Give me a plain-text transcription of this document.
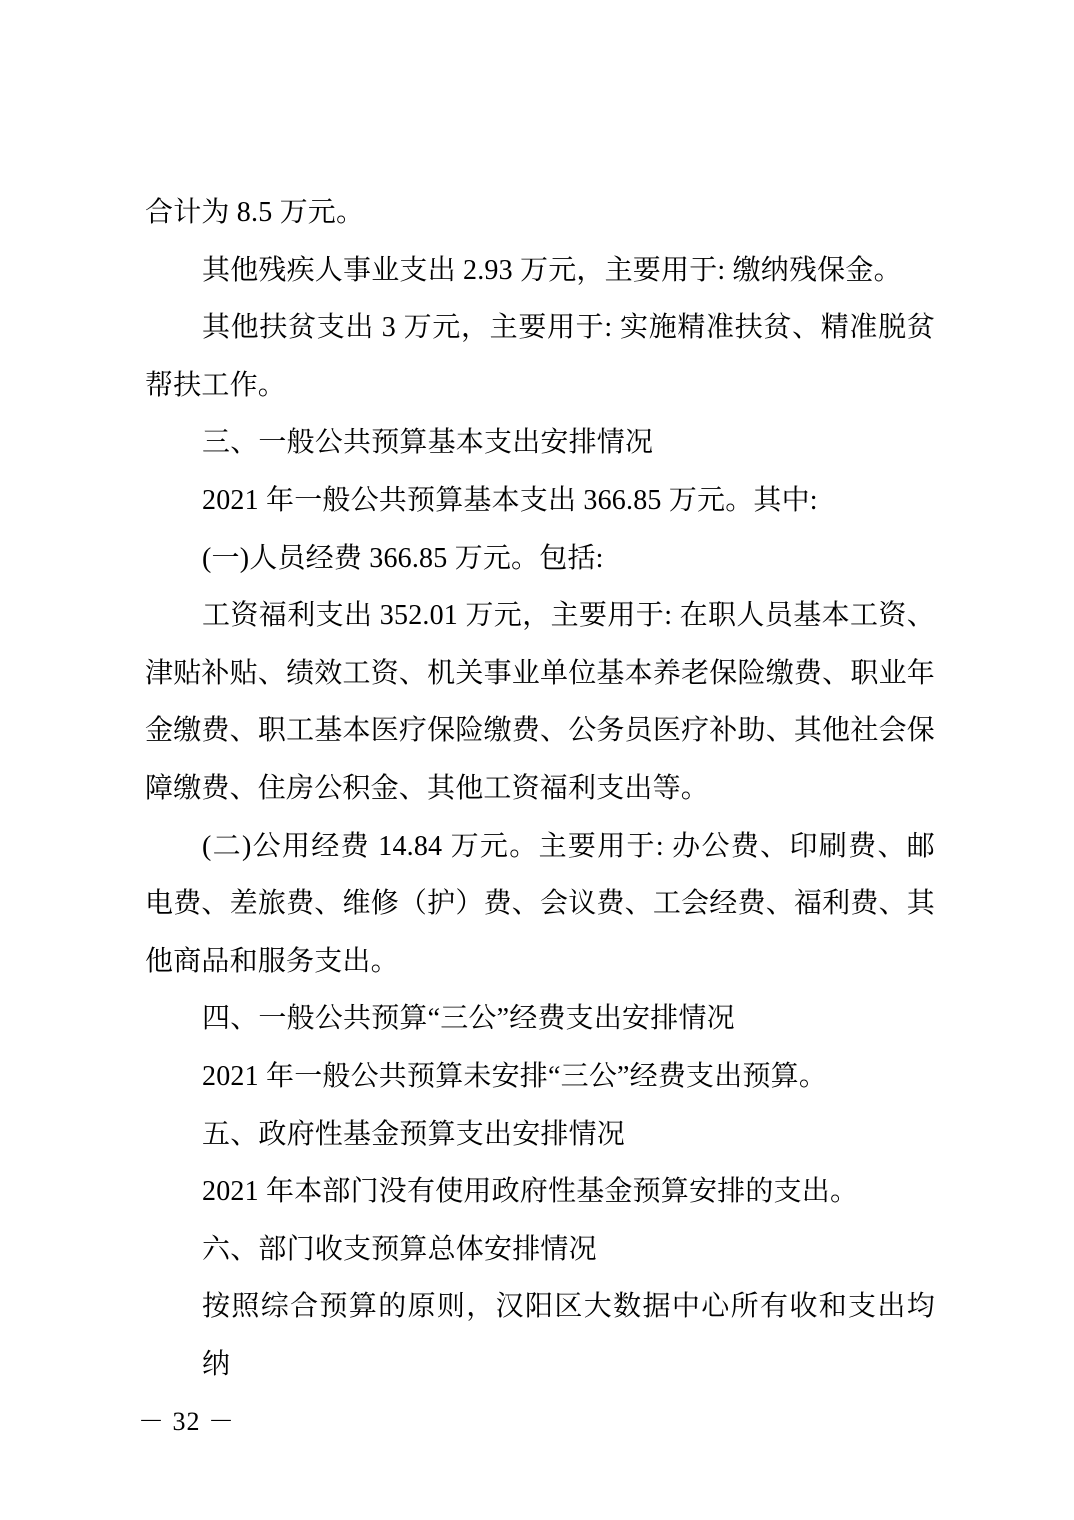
合计为 8.5 万元。
其他残疾人事业支出 2.93 万元，主要用于: 缴纳残保金。
其他扶贫支出 3 万元，主要用于: 实施精准扶贫、精准脱贫
帮扶工作。
三、一般公共预算基本支出安排情况
2021 年一般公共预算基本支出 366.85 万元。其中:
(一)人员经费 366.85 万元。包括:
工资福利支出 352.01 万元，主要用于: 在职人员基本工资、
津贴补贴、绩效工资、机关事业单位基本养老保险缴费、职业年
金缴费、职工基本医疗保险缴费、公务员医疗补助、其他社会保
障缴费、住房公积金、其他工资福利支出等。
(二)公用经费 14.84 万元。主要用于: 办公费、印刷费、邮
电费、差旅费、维修（护）费、会议费、工会经费、福利费、其
他商品和服务支出。
四、一般公共预算“三公”经费支出安排情况
2021 年一般公共预算未安排“三公”经费支出预算。
五、政府性基金预算支出安排情况
2021 年本部门没有使用政府性基金预算安排的支出。
六、部门收支预算总体安排情况
按照综合预算的原则，汉阳区大数据中心所有收和支出均纳
－ 32 －
